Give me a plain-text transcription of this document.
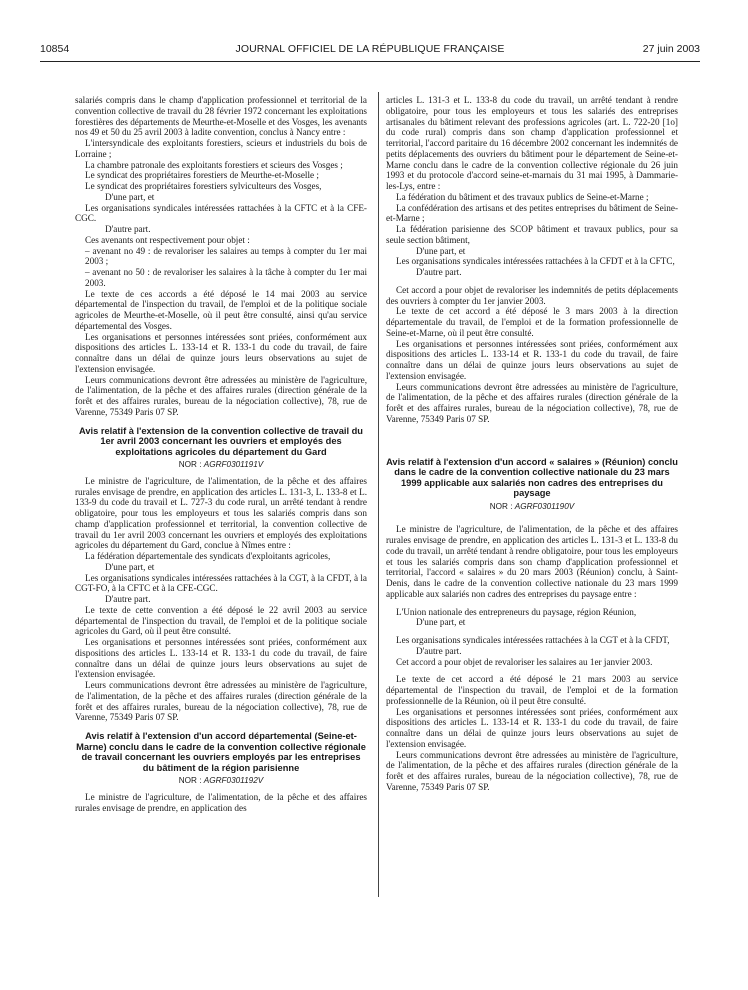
10854	JOURNAL OFFICIEL DE LA RÉPUBLIQUE FRANÇAISE	27 juin 2003

salariés compris dans le champ d'application professionnel et territorial de la convention collective de travail du 28 février 1972 concernant les exploitations forestières des départements de Meurthe-et-Moselle et des Vosges, les avenants nos 49 et 50 du 25 avril 2003 à ladite convention, conclus à Nancy entre :

L'intersyndicale des exploitants forestiers, scieurs et industriels du bois de Lorraine ;

La chambre patronale des exploitants forestiers et scieurs des Vosges ;

Le syndicat des propriétaires forestiers de Meurthe-et-Moselle ;

Le syndicat des propriétaires forestiers sylviculteurs des Vosges,

D'une part, et

Les organisations syndicales intéressées rattachées à la CFTC et à la CFE-CGC.

D'autre part.

Ces avenants ont respectivement pour objet :

– avenant no 49 : de revaloriser les salaires au temps à compter du 1er mai 2003 ;

– avenant no 50 : de revaloriser les salaires à la tâche à compter du 1er mai 2003.

Le texte de ces accords a été déposé le 14 mai 2003 au service départemental de l'inspection du travail, de l'emploi et de la politique sociale agricoles de Meurthe-et-Moselle, où il peut être consulté, ainsi qu'au service départemental des Vosges.

Les organisations et personnes intéressées sont priées, conformément aux dispositions des articles L. 133-14 et R. 133-1 du code du travail, de faire connaître dans un délai de quinze jours leurs observations au sujet de l'extension envisagée.

Leurs communications devront être adressées au ministère de l'agriculture, de l'alimentation, de la pêche et des affaires rurales (direction générale de la forêt et des affaires rurales, bureau de la négociation collective), 78, rue de Varenne, 75349 Paris 07 SP.

Avis relatif à l'extension de la convention collective de travail du 1er avril 2003 concernant les ouvriers et employés des exploitations agricoles du département du Gard
NOR : AGRF0301191V

Le ministre de l'agriculture, de l'alimentation, de la pêche et des affaires rurales envisage de prendre, en application des articles L. 131-3, L. 133-8 et L. 133-9 du code du travail et L. 727-3 du code rural, un arrêté tendant à rendre obligatoire, pour tous les employeurs et tous les salariés compris dans son champ d'application professionnel et territorial, la convention collective de travail du 1er avril 2003 concernant les ouvriers et employés des exploitations agricoles du département du Gard, conclue à Nîmes entre :

La fédération départementale des syndicats d'exploitants agricoles,

D'une part, et

Les organisations syndicales intéressées rattachées à la CGT, à la CFDT, à la CGT-FO, à la CFTC et à la CFE-CGC.

D'autre part.

Le texte de cette convention a été déposé le 22 avril 2003 au service départemental de l'inspection du travail, de l'emploi et de la politique sociale agricoles du Gard, où il peut être consulté.

Les organisations et personnes intéressées sont priées, conformément aux dispositions des articles L. 133-14 et R. 133-1 du code du travail, de faire connaître dans un délai de quinze jours leurs observations au sujet de l'extension envisagée.

Leurs communications devront être adressées au ministère de l'agriculture, de l'alimentation, de la pêche et des affaires rurales (direction générale de la forêt et des affaires rurales, bureau de la négociation collective), 78, rue de Varenne, 75349 Paris 07 SP.

Avis relatif à l'extension d'un accord départemental (Seine-et-Marne) conclu dans le cadre de la convention collective régionale de travail concernant les ouvriers employés par les entreprises du bâtiment de la région parisienne
NOR : AGRF0301192V

Le ministre de l'agriculture, de l'alimentation, de la pêche et des affaires rurales envisage de prendre, en application des

articles L. 131-3 et L. 133-8 du code du travail, un arrêté tendant à rendre obligatoire, pour tous les employeurs et tous les salariés des entreprises artisanales du bâtiment relevant des professions agricoles (art. L. 722-20 [1o] du code rural) compris dans son champ d'application professionnel et territorial, l'accord paritaire du 16 décembre 2002 concernant les indemnités de petits déplacements des ouvriers du bâtiment pour le département de Seine-et-Marne conclu dans le cadre de la convention collective régionale du 26 juin 1993 et du protocole d'accord seine-et-marnais du 31 mai 1995, à Dammarie-les-Lys, entre :

La fédération du bâtiment et des travaux publics de Seine-et-Marne ;

La confédération des artisans et des petites entreprises du bâtiment de Seine-et-Marne ;

La fédération parisienne des SCOP bâtiment et travaux publics, pour sa seule section bâtiment,

D'une part, et

Les organisations syndicales intéressées rattachées à la CFDT et à la CFTC,

D'autre part.

Cet accord a pour objet de revaloriser les indemnités de petits déplacements des ouvriers à compter du 1er janvier 2003.

Le texte de cet accord a été déposé le 3 mars 2003 à la direction départementale du travail, de l'emploi et de la formation professionnelle de Seine-et-Marne, où il peut être consulté.

Les organisations et personnes intéressées sont priées, conformément aux dispositions des articles L. 133-14 et R. 133-1 du code du travail, de faire connaître dans un délai de quinze jours leurs observations au sujet de l'extension envisagée.

Leurs communications devront être adressées au ministère de l'agriculture, de l'alimentation, de la pêche et des affaires rurales (direction générale de la forêt et des affaires rurales, bureau de la négociation collective), 78, rue de Varenne, 75349 Paris 07 SP.

Avis relatif à l'extension d'un accord « salaires » (Réunion) conclu dans le cadre de la convention collective nationale du 23 mars 1999 applicable aux salariés non cadres des entreprises du paysage
NOR : AGRF0301190V

Le ministre de l'agriculture, de l'alimentation, de la pêche et des affaires rurales envisage de prendre, en application des articles L. 131-3 et L. 133-8 du code du travail, un arrêté tendant à rendre obligatoire, pour tous les employeurs et tous les salariés compris dans son champ d'application professionnel et territorial, l'accord « salaires » du 20 mars 2003 (Réunion) conclu, à Saint-Denis, dans le cadre de la convention collective nationale du 23 mars 1999 applicable aux salariés non cadres des entreprises du paysage entre :

L'Union nationale des entrepreneurs du paysage, région Réunion,

D'une part, et

Les organisations syndicales intéressées rattachées à la CGT et à la CFDT,

D'autre part.

Cet accord a pour objet de revaloriser les salaires au 1er janvier 2003.

Le texte de cet accord a été déposé le 21 mars 2003 au service départemental de l'inspection du travail, de l'emploi et de la formation professionnelle de la Réunion, où il peut être consulté.

Les organisations et personnes intéressées sont priées, conformément aux dispositions des articles L. 133-14 et R. 133-1 du code du travail, de faire connaître dans un délai de quinze jours leurs observations au sujet de l'extension envisagée.

Leurs communications devront être adressées au ministère de l'agriculture, de l'alimentation, de la pêche et des affaires rurales (direction générale de la forêt et des affaires rurales, bureau de la négociation collective), 78, rue de Varenne, 75349 Paris 07 SP.
